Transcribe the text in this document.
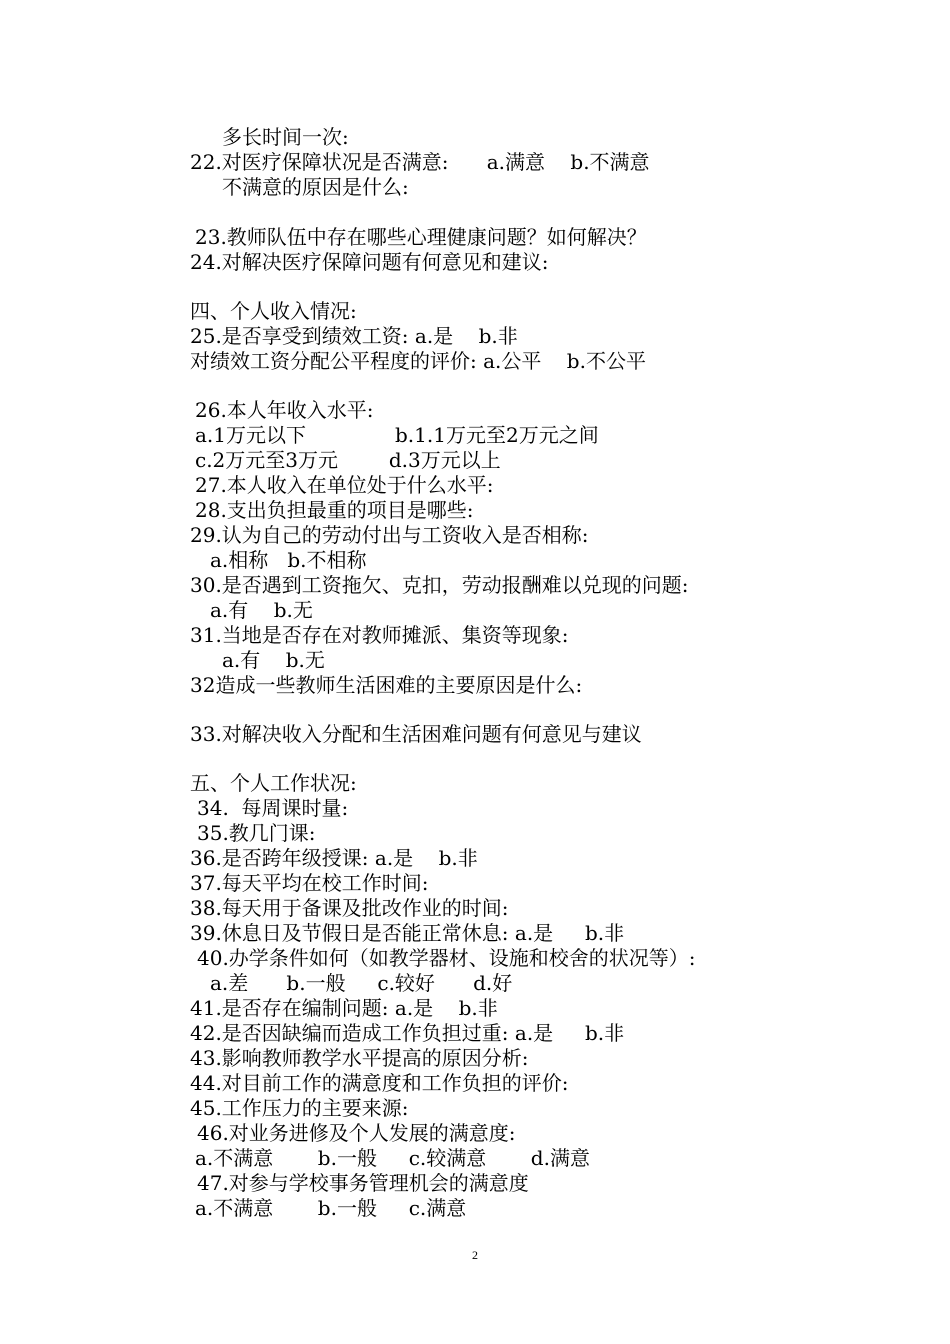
多长时间一次:
22.对医疗保障状况是否满意:      a.满意    b.不满意
不满意的原因是什么:
23.教师队伍中存在哪些心理健康问题？如何解决？
24.对解决医疗保障问题有何意见和建议:
四、个人收入情况:
25.是否享受到绩效工资: a.是    b.非
对绩效工资分配公平程度的评价: a.公平    b.不公平
26.本人年收入水平:
a.1万元以下              b.1.1万元至2万元之间
c.2万元至3万元        d.3万元以上
27.本人收入在单位处于什么水平:
28.支出负担最重的项目是哪些:
29.认为自己的劳动付出与工资收入是否相称:
a.相称   b.不相称
30.是否遇到工资拖欠、克扣，劳动报酬难以兑现的问题:
a.有    b.无
31.当地是否存在对教师摊派、集资等现象:
a.有    b.无
32造成一些教师生活困难的主要原因是什么:
33.对解决收入分配和生活困难问题有何意见与建议
五、个人工作状况:
34.  每周课时量:
35.教几门课:
36.是否跨年级授课: a.是    b.非
37.每天平均在校工作时间:
38.每天用于备课及批改作业的时间:
39.休息日及节假日是否能正常休息: a.是     b.非
40.办学条件如何（如教学器材、设施和校舍的状况等）:
a.差      b.一般     c.较好      d.好
41.是否存在编制问题: a.是    b.非
42.是否因缺编而造成工作负担过重: a.是     b.非
43.影响教师教学水平提高的原因分析:
44.对目前工作的满意度和工作负担的评价:
45.工作压力的主要来源:
46.对业务进修及个人发展的满意度:
a.不满意       b.一般     c.较满意       d.满意
47.对参与学校事务管理机会的满意度
a.不满意       b.一般     c.满意
2
